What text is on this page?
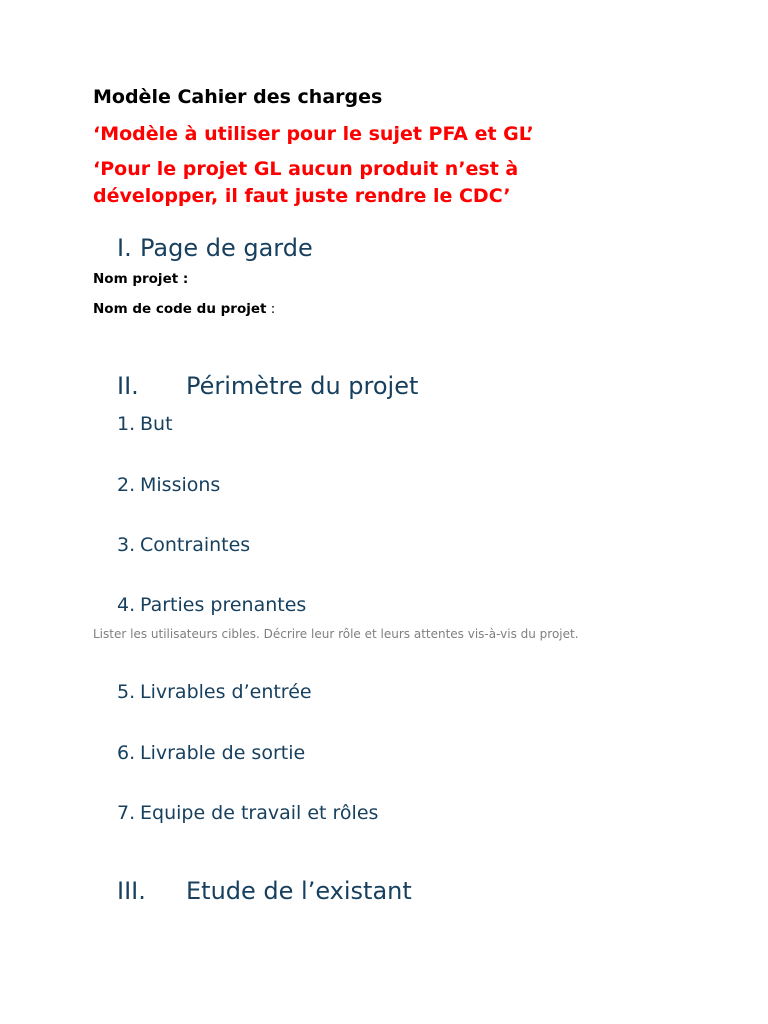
Modèle Cahier des charges
‘Modèle à utiliser pour le sujet PFA et GL’
‘Pour le projet GL aucun produit n’est à
développer, il faut juste rendre le CDC’
I. Page de garde
Nom projet :
Nom de code du projet :
II. Périmètre du projet
1. But
2. Missions
3. Contraintes
4. Parties prenantes
Lister les utilisateurs cibles. Décrire leur rôle et leurs attentes vis-à-vis du projet.
5. Livrables d’entrée
6. Livrable de sortie
7. Equipe de travail et rôles
III. Etude de l’existant
